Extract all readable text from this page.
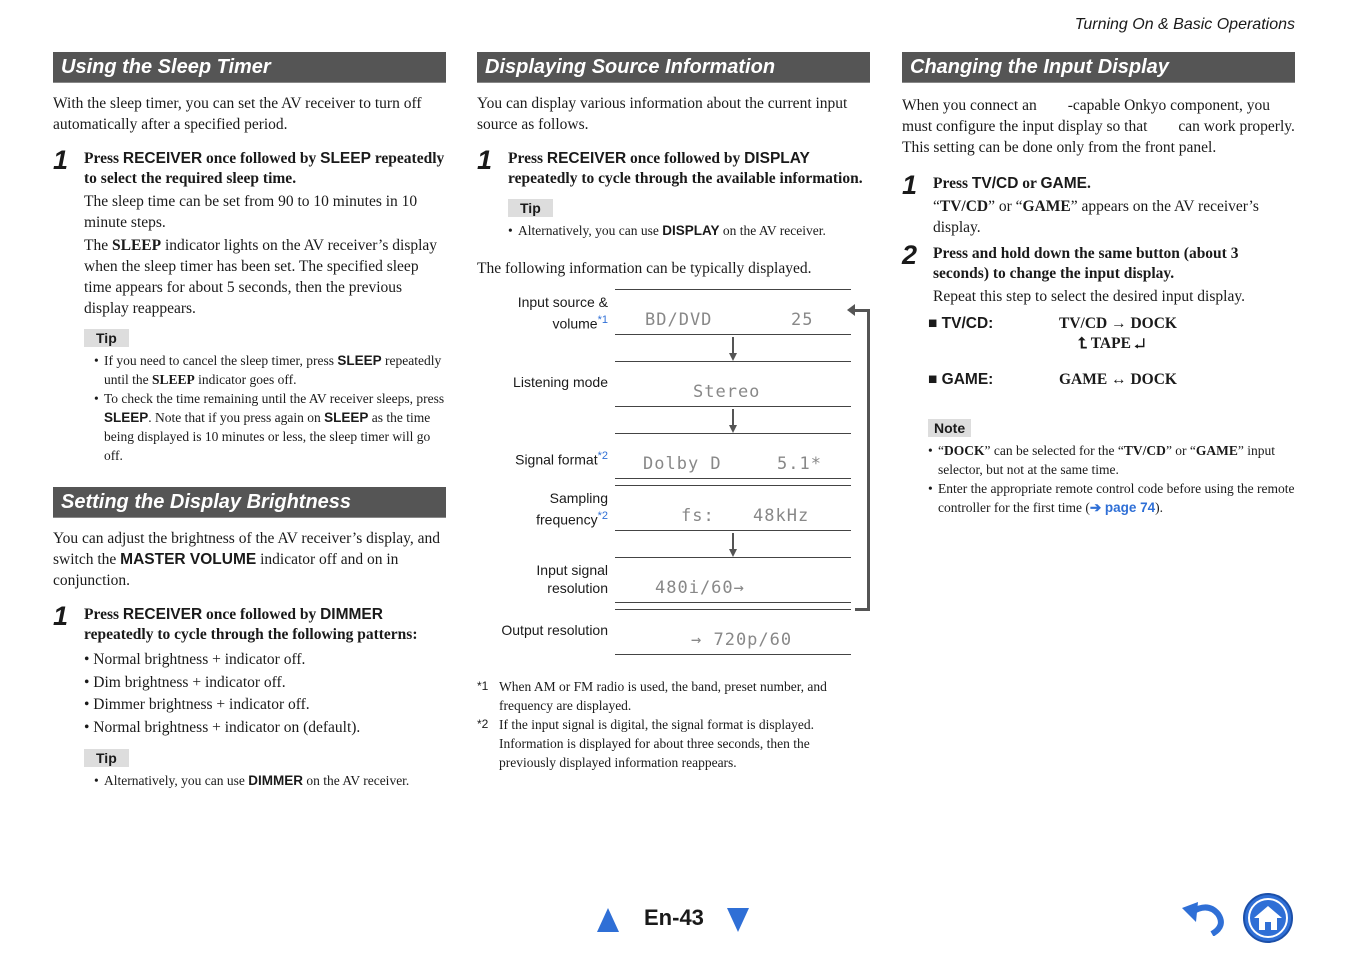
Turning On & Basic Operations
Using the Sleep Timer

With the sleep timer, you can set the AV receiver to turn off automatically after a specified period.

1 Press RECEIVER once followed by SLEEP repeatedly to select the required sleep time.

The sleep time can be set from 90 to 10 minutes in 10 minute steps.

The SLEEP indicator lights on the AV receiver’s display when the sleep timer has been set. The specified sleep time appears for about 5 seconds, then the previous display reappears.

Tip
• If you need to cancel the sleep timer, press SLEEP repeatedly until the SLEEP indicator goes off.
• To check the time remaining until the AV receiver sleeps, press SLEEP. Note that if you press again on SLEEP as the time being displayed is 10 minutes or less, the sleep timer will go off.
Setting the Display Brightness

You can adjust the brightness of the AV receiver’s display, and switch the MASTER VOLUME indicator off and on in conjunction.

1 Press RECEIVER once followed by DIMMER repeatedly to cycle through the following patterns:
• Normal brightness + indicator off.
• Dim brightness + indicator off.
• Dimmer brightness + indicator off.
• Normal brightness + indicator on (default).
Tip
• Alternatively, you can use DIMMER on the AV receiver.
Displaying Source Information

You can display various information about the current input source as follows.

1 Press RECEIVER once followed by DISPLAY repeatedly to cycle through the available information.
Tip
• Alternatively, you can use DISPLAY on the AV receiver.

The following information can be typically displayed.

Input source &
volume$^{*1}$ BD/DVD	25
Listening mode	Stereo
Signal format$^{*2}$ Dolby D	5.1*
Sampling
frequency$^{*2}$	fs: 48kHz
Input signal
resolution	480i/60→
Output resolution	→ 720p/60
*1 When AM or FM radio is used, the band, preset number, and frequency are displayed.
*2 If the input signal is digital, the signal format is displayed. Information is displayed for about three seconds, then the previously displayed information reappears.
Changing the Input Display

When you connect an        -capable Onkyo component, you must configure the input display so that        can work properly.

This setting can be done only from the front panel.

1 Press TV/CD or GAME.

“TV/CD” or “GAME” appears on the AV receiver’s display.

2 Press and hold down the same button (about 3 seconds) to change the input display.

Repeat this step to select the desired input display.

■ TV/CD:	TV/CD → DOCK
⮤ TAPE ↵
■ GAME:	GAME ↔ DOCK
Note
• “DOCK” can be selected for the “TV/CD” or “GAME” input selector, but not at the same time.
• Enter the appropriate remote control code before using the remote controller for the first time (➔ page 74).
En-43
